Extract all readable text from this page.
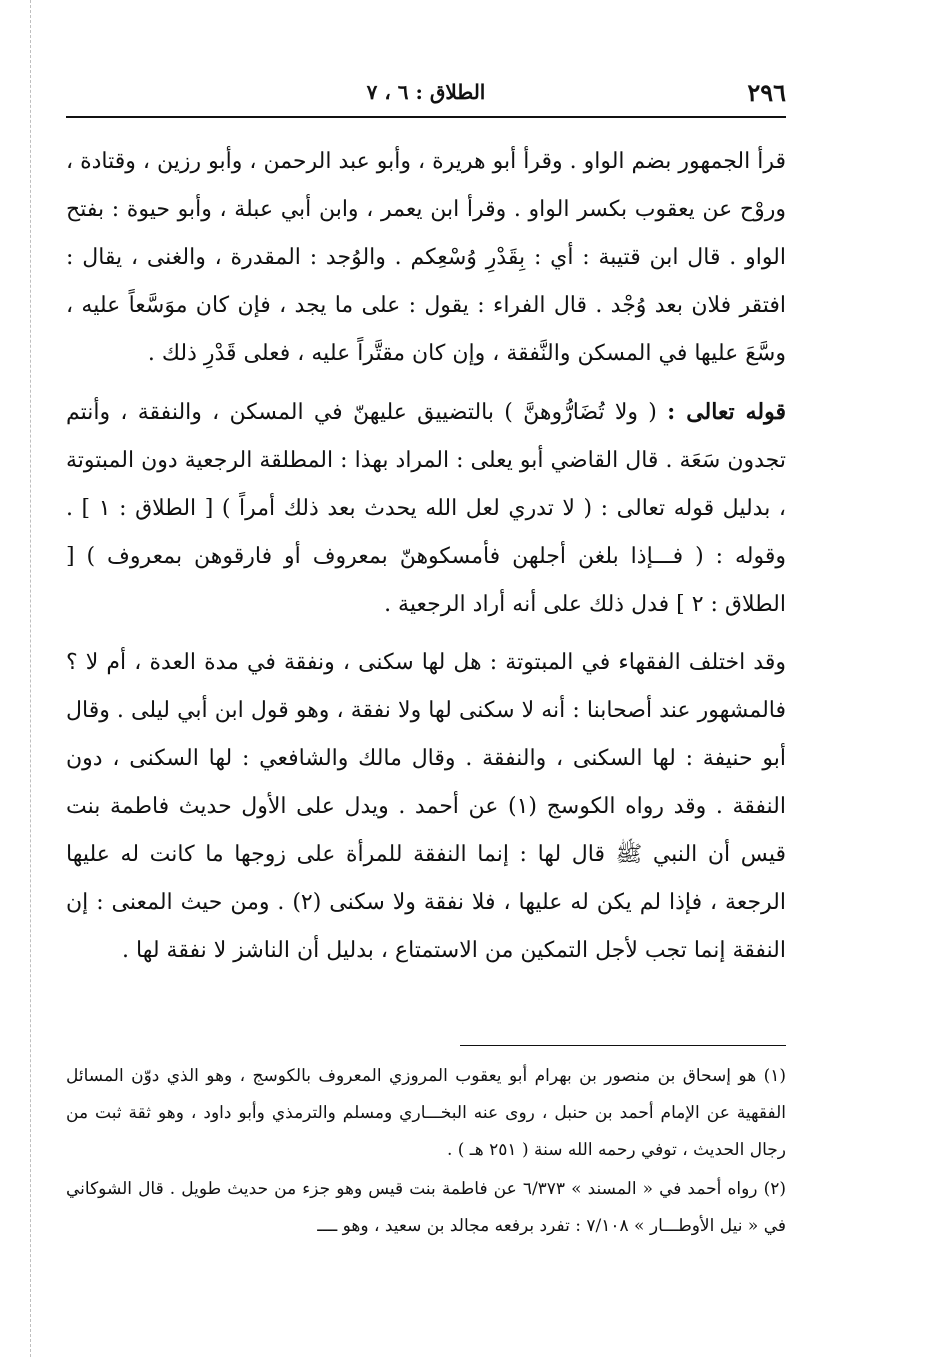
٢٩٦
الطلاق : ٦ ، ٧

قرأ الجمهور بضم الواو . وقرأ أبو هريرة ، وأبو عبد الرحمن ، وأبو رزين ، وقتادة ، وروْح عن يعقوب بكسر الواو . وقرأ ابن يعمر ، وابن أبي عبلة ، وأبو حيوة : بفتح الواو . قال ابن قتيبة : أي : بِقَدْرِ وُسْعِكم . والوُجد : المقدرة ، والغنى ، يقال : افتقر فلان بعد وُجْد . قال الفراء : يقول : على ما يجد ، فإن كان موَسَّعاً عليه ، وسَّعَ عليها في المسكن والنَّفقة ، وإن كان مقتَّراً عليه ، فعلى قَدْرِ ذلك .

قوله تعالى : ( ولا تُضَارُّوهنَّ ) بالتضييق عليهنّ في المسكن ، والنفقة ، وأنتم تجدون سَعَة . قال القاضي أبو يعلى : المراد بهذا : المطلقة الرجعية دون المبتوتة ، بدليل قوله تعالى : ( لا تدري لعل الله يحدث بعد ذلك أمراً ) [ الطلاق : ١ ] . وقوله : ( فـــإذا بلغن أجلهن فأمسكوهنّ بمعروف أو فارقوهن بمعروف ) [ الطلاق : ٢ ] فدل ذلك على أنه أراد الرجعية .

وقد اختلف الفقهاء في المبتوتة : هل لها سكنى ، ونفقة في مدة العدة ، أم لا ؟ فالمشهور عند أصحابنا : أنه لا سكنى لها ولا نفقة ، وهو قول ابن أبي ليلى . وقال أبو حنيفة : لها السكنى ، والنفقة . وقال مالك والشافعي : لها السكنى ، دون النفقة . وقد رواه الكوسج (١) عن أحمد . ويدل على الأول حديث فاطمة بنت قيس أن النبي ﷺ قال لها : إنما النفقة للمرأة على زوجها ما كانت له عليها الرجعة ، فإذا لم يكن له عليها ، فلا نفقة ولا سكنى (٢) . ومن حيث المعنى : إن النفقة إنما تجب لأجل التمكين من الاستمتاع ، بدليل أن الناشز لا نفقة لها .

(١) هو إسحاق بن منصور بن بهرام أبو يعقوب المروزي المعروف بالكوسج ، وهو الذي دوّن المسائل الفقهية عن الإمام أحمد بن حنبل ، روى عنه البخـــاري ومسلم والترمذي وأبو داود ، وهو ثقة ثبت من رجال الحديث ، توفي رحمه الله سنة ( ٢٥١ هـ ) .

(٢) رواه أحمد في « المسند » ٦/٣٧٣ عن فاطمة بنت قيس وهو جزء من حديث طويل . قال الشوكاني في « نيل الأوطـــار » ٧/١٠٨ : تفرد برفعه مجالد بن سعيد ، وهو ــــ
